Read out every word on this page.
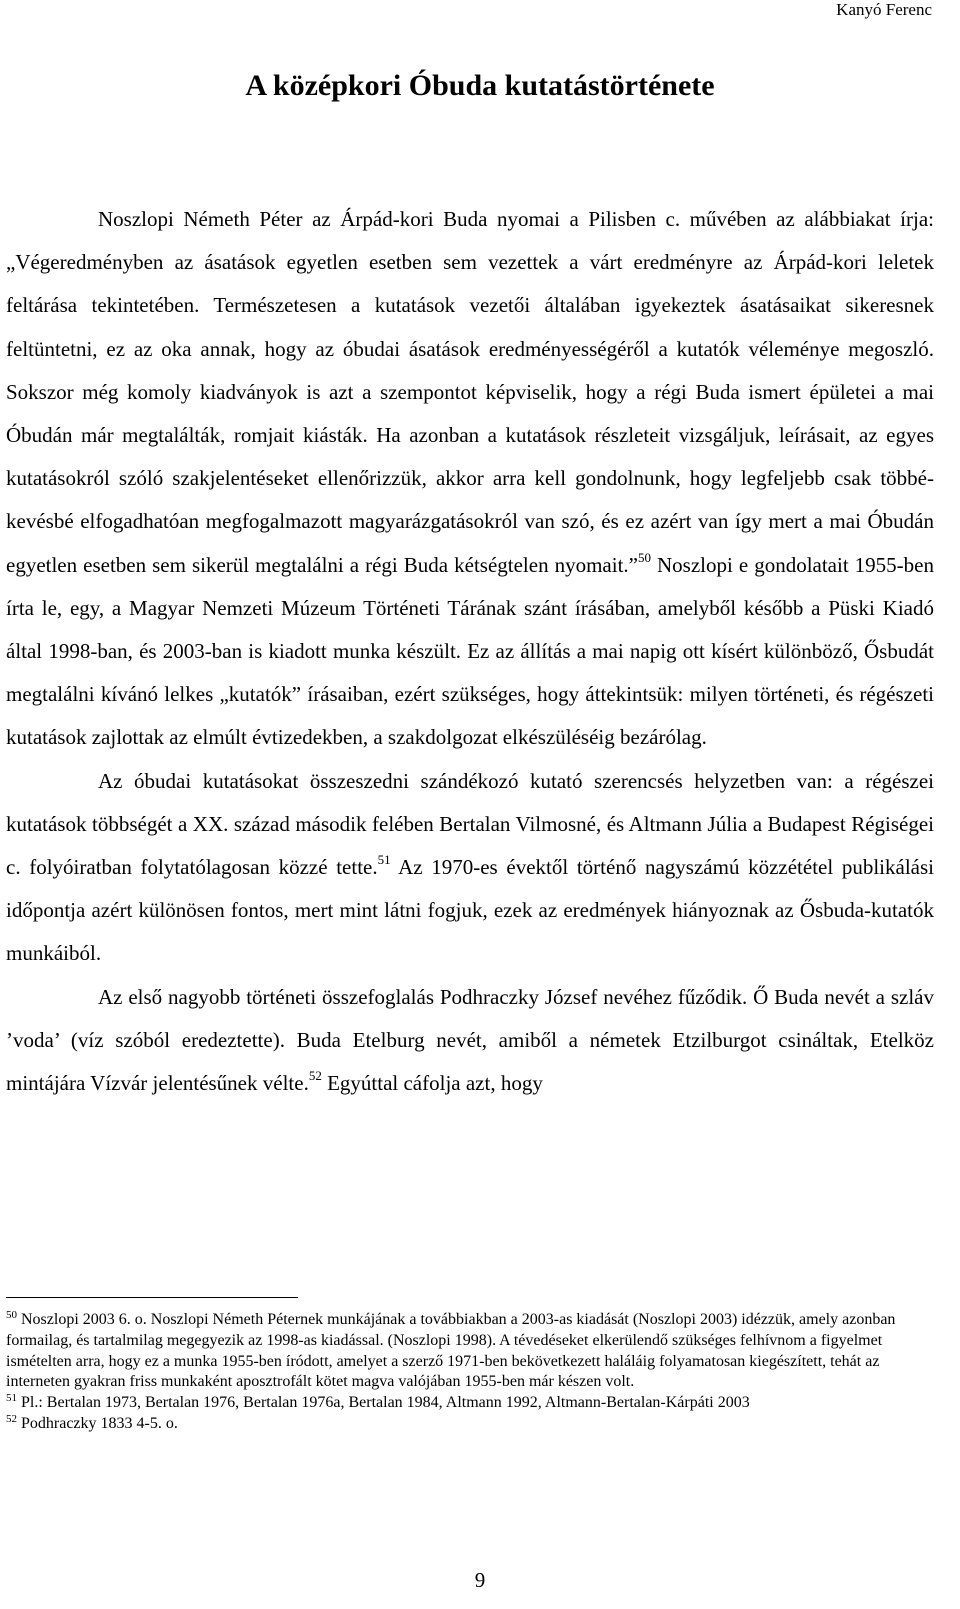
Kanyó Ferenc
A középkori Óbuda kutatástörténete

Noszlopi Németh Péter az Árpád-kori Buda nyomai a Pilisben c. művében az alábbiakat írja: „Végeredményben az ásatások egyetlen esetben sem vezettek a várt eredményre az Árpád-kori leletek feltárása tekintetében. Természetesen a kutatások vezetői általában igyekeztek ásatásaikat sikeresnek feltüntetni, ez az oka annak, hogy az óbudai ásatások eredményességéről a kutatók véleménye megoszló. Sokszor még komoly kiadványok is azt a szempontot képviselik, hogy a régi Buda ismert épületei a mai Óbudán már megtalálták, romjait kiásták. Ha azonban a kutatások részleteit vizsgáljuk, leírásait, az egyes kutatásokról szóló szakjelentéseket ellenőrizzük, akkor arra kell gondolnunk, hogy legfeljebb csak többé-kevésbé elfogadhatóan megfogalmazott magyarázgatásokról van szó, és ez azért van így mert a mai Óbudán egyetlen esetben sem sikerül megtalálni a régi Buda kétségtelen nyomait.”$^{50}$ Noszlopi e gondolatait 1955-ben írta le, egy, a Magyar Nemzeti Múzeum Történeti Tárának szánt írásában, amelyből később a Püski Kiadó által 1998-ban, és 2003-ban is kiadott munka készült. Ez az állítás a mai napig ott kísért különböző, Ősbudát megtalálni kívánó lelkes „kutatók” írásaiban, ezért szükséges, hogy áttekintsük: milyen történeti, és régészeti kutatások zajlottak az elmúlt évtizedekben, a szakdolgozat elkészüléséig bezárólag.

Az óbudai kutatásokat összeszedni szándékozó kutató szerencsés helyzetben van: a régészei kutatások többségét a XX. század második felében Bertalan Vilmosné, és Altmann Júlia a Budapest Régiségei c. folyóiratban folytatólagosan közzé tette.$^{51}$ Az 1970-es évektől történő nagyszámú közzététel publikálási időpontja azért különösen fontos, mert mint látni fogjuk, ezek az eredmények hiányoznak az Ősbuda-kutatók munkáiból.

Az első nagyobb történeti összefoglalás Podhraczky József nevéhez fűződik. Ő Buda nevét a szláv ’voda’ (víz szóból eredeztette). Buda Etelburg nevét, amiből a németek Etzilburgot csináltak, Etelköz mintájára Vízvár jelentésűnek vélte.$^{52}$ Egyúttal cáfolja azt, hogy

$^{50}$ Noszlopi 2003 6. o. Noszlopi Németh Péternek munkájának a továbbiakban a 2003-as kiadását (Noszlopi 2003) idézzük, amely azonban formailag, és tartalmilag megegyezik az 1998-as kiadással. (Noszlopi 1998). A tévedéseket elkerülendő szükséges felhívnom a figyelmet ismételten arra, hogy ez a munka 1955-ben íródott, amelyet a szerző 1971-ben bekövetkezett haláláig folyamatosan kiegészített, tehát az interneten gyakran friss munkaként aposztrofált kötet magva valójában 1955-ben már készen volt.

$^{51}$ Pl.: Bertalan 1973, Bertalan 1976, Bertalan 1976a, Bertalan 1984, Altmann 1992, Altmann-Bertalan-Kárpáti 2003

$^{52}$ Podhraczky 1833 4-5. o.

9
